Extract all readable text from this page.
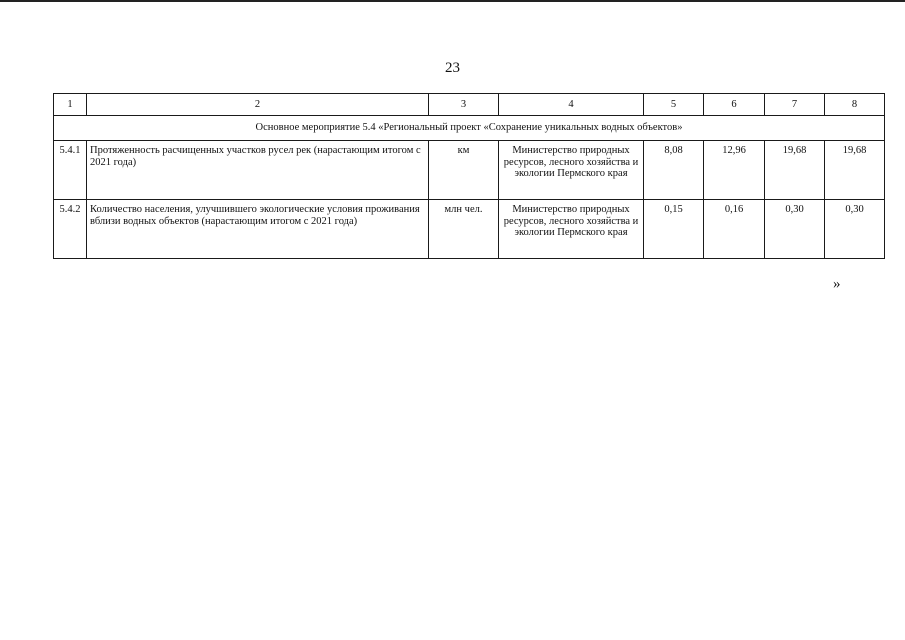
23
1	2	3	4	5	6	7	8
Основное мероприятие 5.4 «Региональный проект «Сохранение уникальных водных объектов»							
5.4.1	Протяженность расчищенных участков русел рек (нарастающим итогом с 2021 года)	км	Министерство природных ресурсов, лесного хозяйства и экологии Пермского края	8,08	12,96	19,68	19,68
5.4.2	Количество населения, улучшившего экологические условия проживания вблизи водных объектов (нарастающим итогом с 2021 года)	млн чел.	Министерство природных ресурсов, лесного хозяйства и экологии Пермского края	0,15	0,16	0,30	0,30
»
